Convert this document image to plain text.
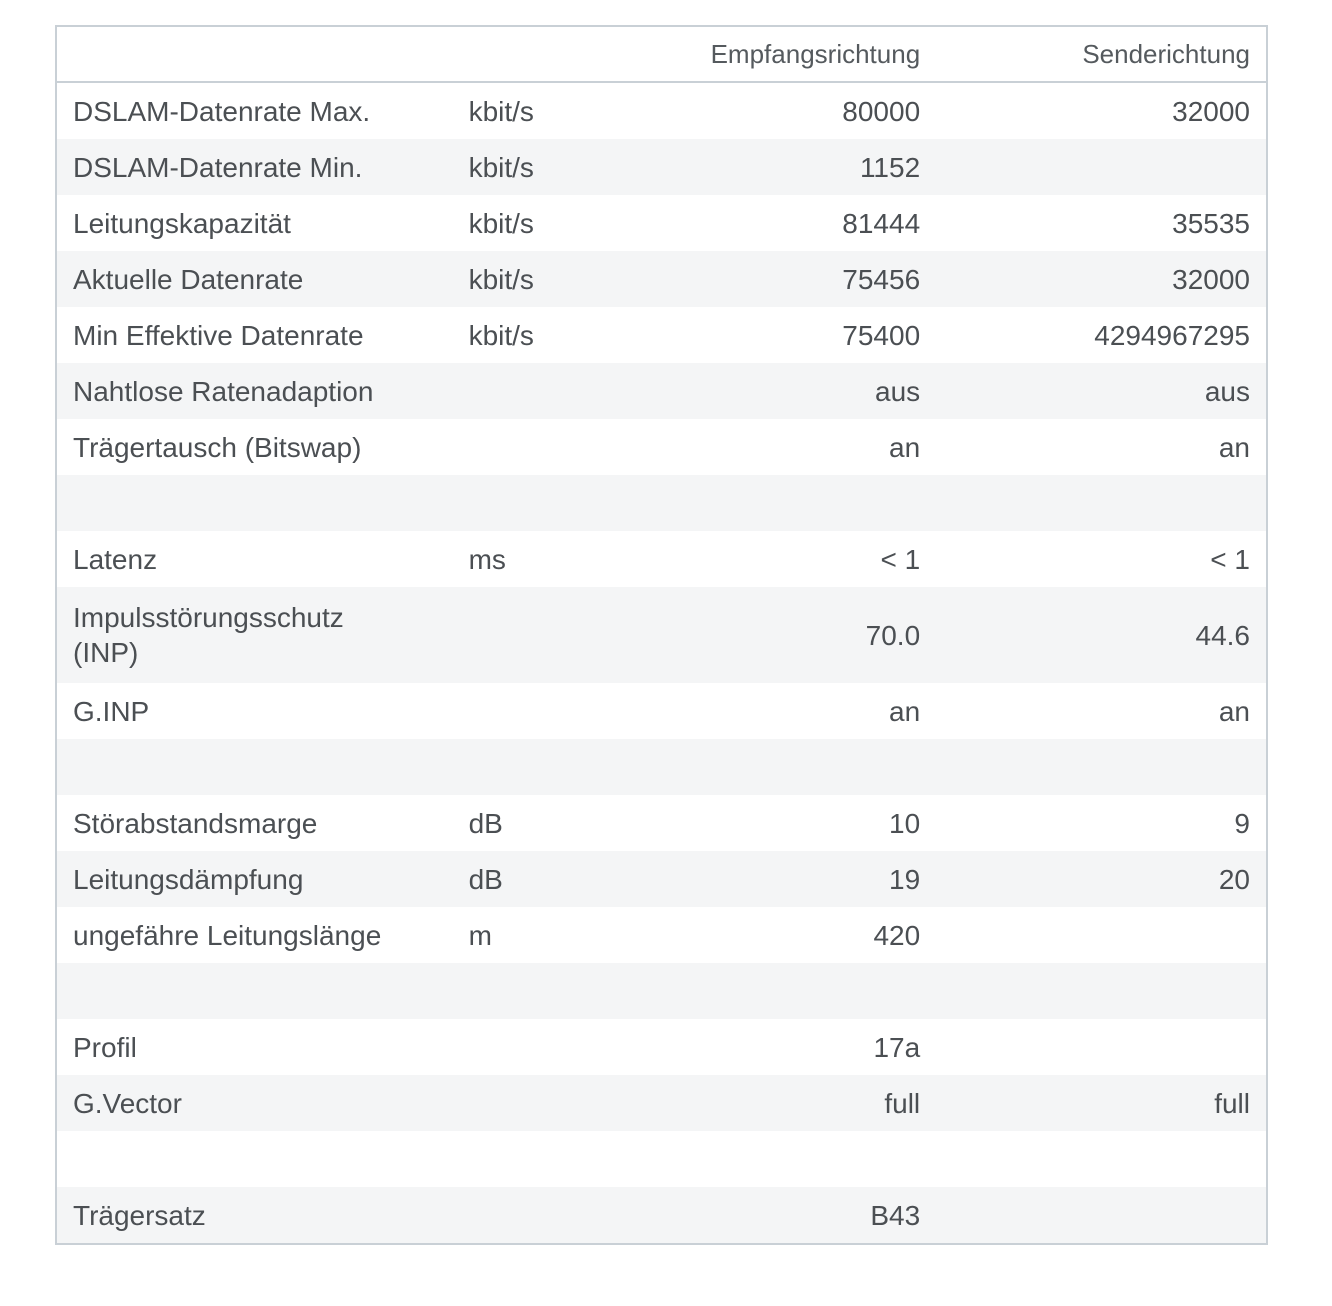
		Empfangsrichtung	Senderichtung
DSLAM-Datenrate Max.	kbit/s	80000	32000
DSLAM-Datenrate Min.	kbit/s	1152	
Leitungskapazität	kbit/s	81444	35535
Aktuelle Datenrate	kbit/s	75456	32000
Min Effektive Datenrate	kbit/s	75400	4294967295
Nahtlose Ratenadaption		aus	aus
Trägertausch (Bitswap)		an	an

Latenz	ms	< 1	< 1
Impulsstörungsschutz (INP)		70.0	44.6
G.INP		an	an

Störabstandsmarge	dB	10	9
Leitungsdämpfung	dB	19	20
ungefähre Leitungslänge	m	420	

Profil		17a	
G.Vector		full	full

Trägersatz		B43	
